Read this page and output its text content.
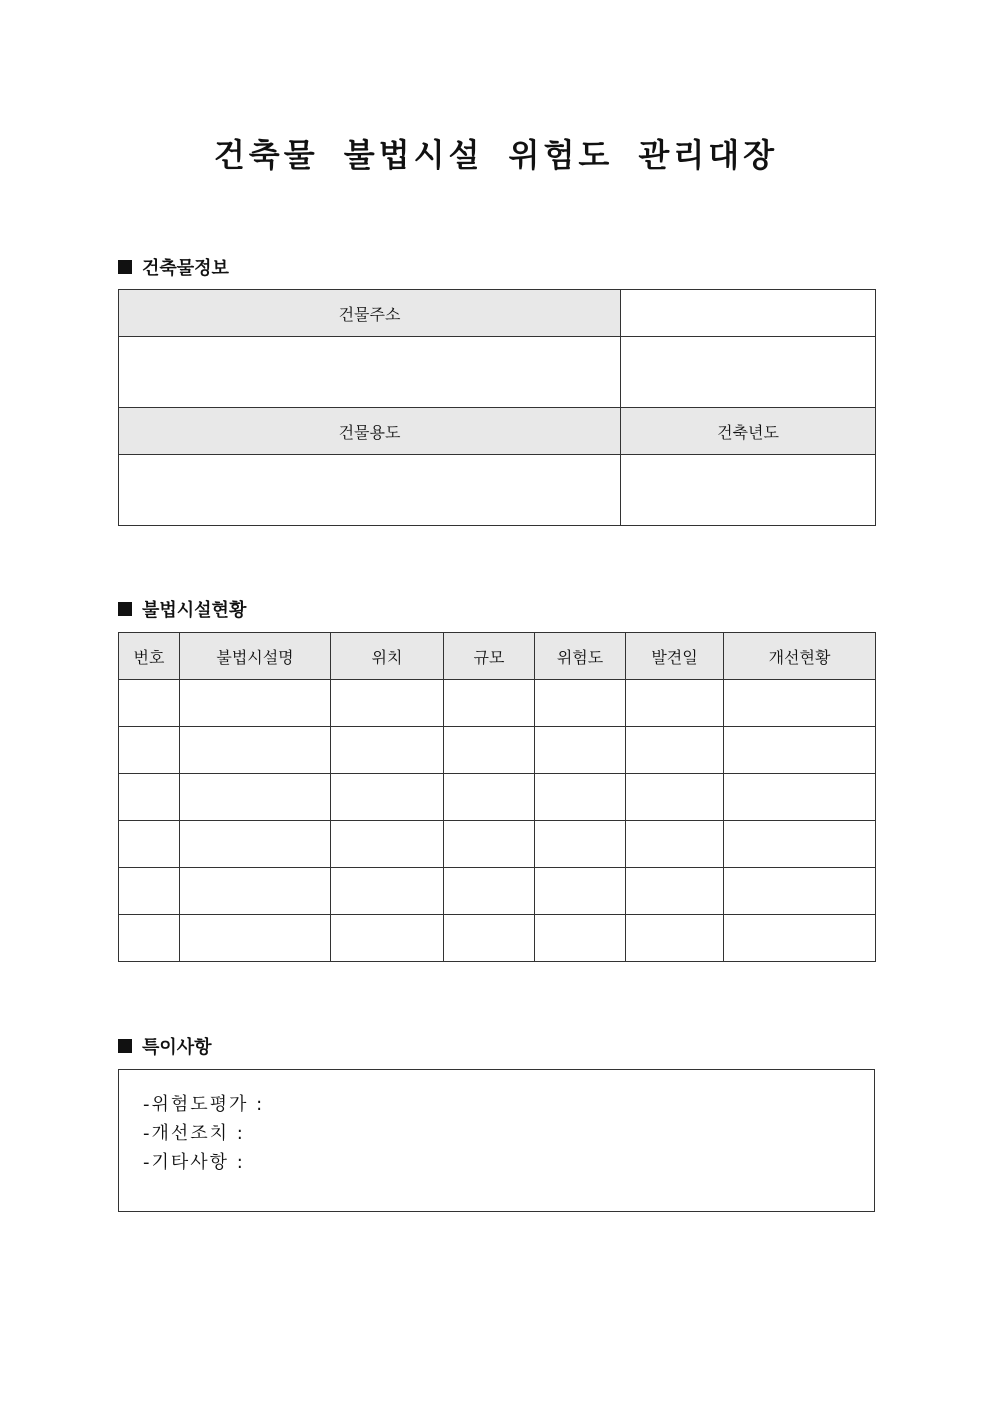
건축물 불법시설 위험도 관리대장
건축물정보
건물주소	

건물용도	건축년도

불법시설현황
번호	불법시설명	위치	규모	위험도	발견일	개선현황

특이사항
-위험도평가 :
-개선조치 :
-기타사항 :
